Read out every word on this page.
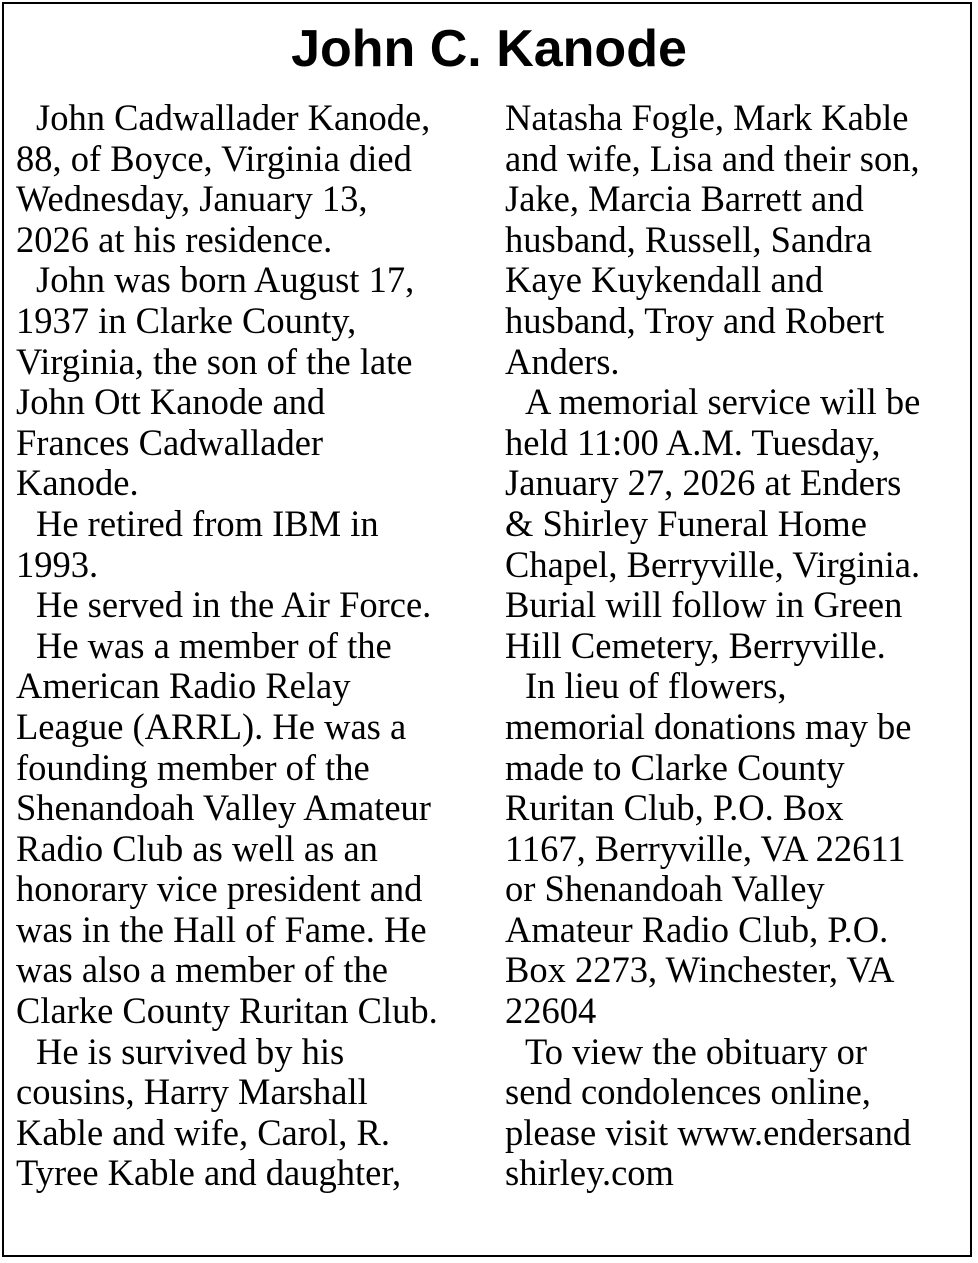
John C. Kanode
John Cadwallader Kanode,
88, of Boyce, Virginia died
Wednesday, January 13,
2026 at his residence.
John was born August 17,
1937 in Clarke County,
Virginia, the son of the late
John Ott Kanode and
Frances Cadwallader
Kanode.
He retired from IBM in
1993.
He served in the Air Force.
He was a member of the
American Radio Relay
League (ARRL). He was a
founding member of the
Shenandoah Valley Amateur
Radio Club as well as an
honorary vice president and
was in the Hall of Fame. He
was also a member of the
Clarke County Ruritan Club.
He is survived by his
cousins, Harry Marshall
Kable and wife, Carol, R.
Tyree Kable and daughter,
Natasha Fogle, Mark Kable
and wife, Lisa and their son,
Jake, Marcia Barrett and
husband, Russell, Sandra
Kaye Kuykendall and
husband, Troy and Robert
Anders.
A memorial service will be
held 11:00 A.M. Tuesday,
January 27, 2026 at Enders
& Shirley Funeral Home
Chapel, Berryville, Virginia.
Burial will follow in Green
Hill Cemetery, Berryville.
In lieu of flowers,
memorial donations may be
made to Clarke County
Ruritan Club, P.O. Box
1167, Berryville, VA 22611
or Shenandoah Valley
Amateur Radio Club, P.O.
Box 2273, Winchester, VA
22604
To view the obituary or
send condolences online,
please visit www.endersand
shirley.com
